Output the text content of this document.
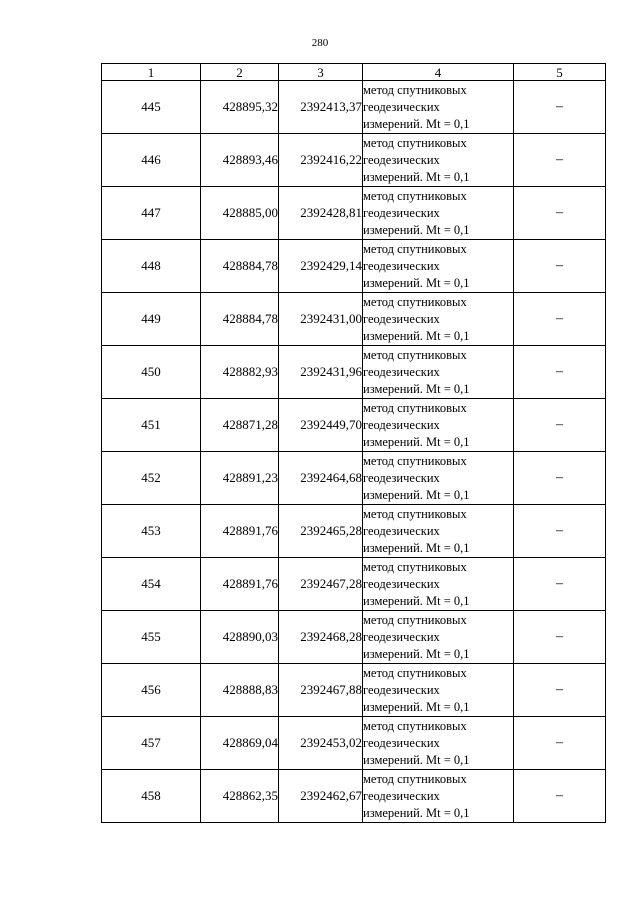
280
1	2	3	4	5
445	428895,32	2392413,37	метод спутниковых
геодезических
измерений. Mt = 0,1	–
446	428893,46	2392416,22	метод спутниковых
геодезических
измерений. Mt = 0,1	–
447	428885,00	2392428,81	метод спутниковых
геодезических
измерений. Mt = 0,1	–
448	428884,78	2392429,14	метод спутниковых
геодезических
измерений. Mt = 0,1	–
449	428884,78	2392431,00	метод спутниковых
геодезических
измерений. Mt = 0,1	–
450	428882,93	2392431,96	метод спутниковых
геодезических
измерений. Mt = 0,1	–
451	428871,28	2392449,70	метод спутниковых
геодезических
измерений. Mt = 0,1	–
452	428891,23	2392464,68	метод спутниковых
геодезических
измерений. Mt = 0,1	–
453	428891,76	2392465,28	метод спутниковых
геодезических
измерений. Mt = 0,1	–
454	428891,76	2392467,28	метод спутниковых
геодезических
измерений. Mt = 0,1	–
455	428890,03	2392468,28	метод спутниковых
геодезических
измерений. Mt = 0,1	–
456	428888,83	2392467,88	метод спутниковых
геодезических
измерений. Mt = 0,1	–
457	428869,04	2392453,02	метод спутниковых
геодезических
измерений. Mt = 0,1	–
458	428862,35	2392462,67	метод спутниковых
геодезических
измерений. Mt = 0,1	–
